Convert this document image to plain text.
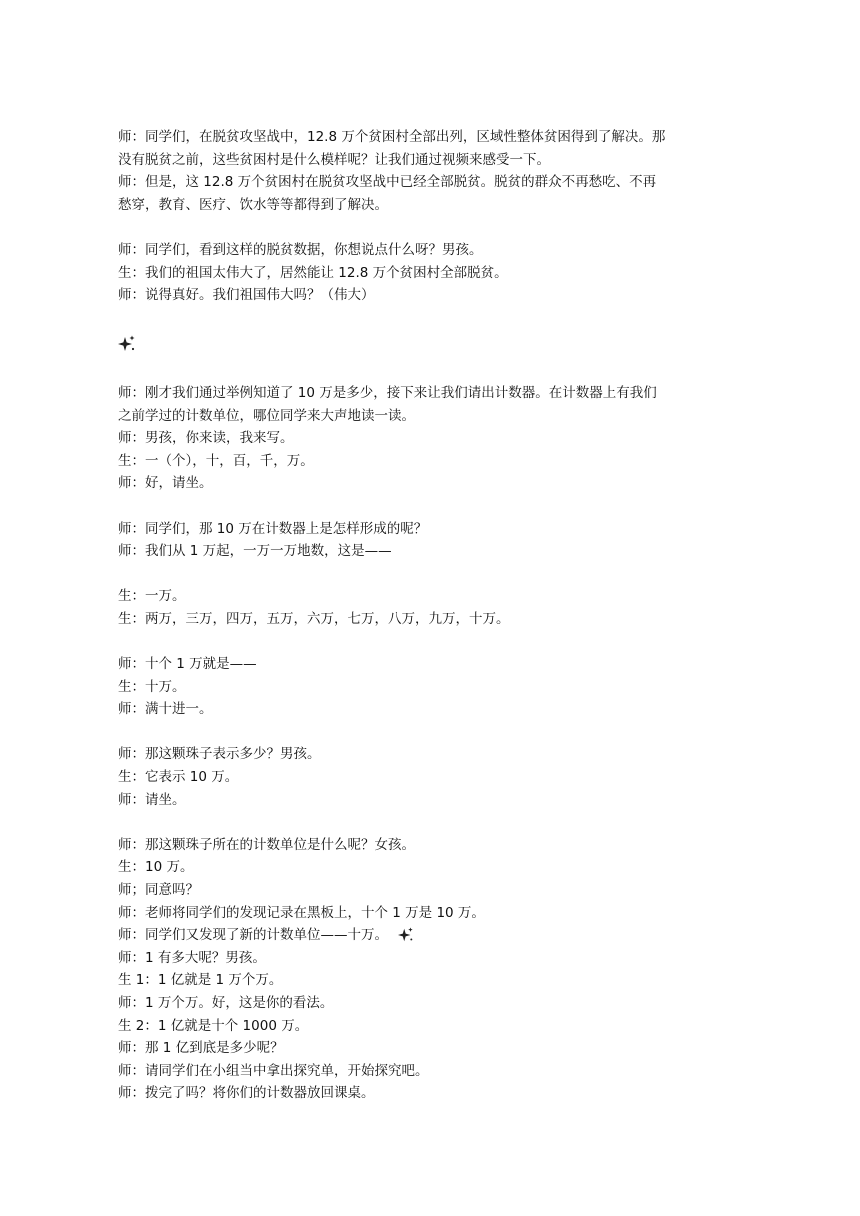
师：同学们，在脱贫攻坚战中，12.8 万个贫困村全部出列，区域性整体贫困得到了解决。那
没有脱贫之前，这些贫困村是什么模样呢？让我们通过视频来感受一下。
师：但是，这 12.8 万个贫困村在脱贫攻坚战中已经全部脱贫。脱贫的群众不再愁吃、不再
愁穿，教育、医疗、饮水等等都得到了解决。
师：同学们，看到这样的脱贫数据，你想说点什么呀？男孩。
生：我们的祖国太伟大了，居然能让 12.8 万个贫困村全部脱贫。
师：说得真好。我们祖国伟大吗？（伟大）
师：刚才我们通过举例知道了 10 万是多少，接下来让我们请出计数器。在计数器上有我们
之前学过的计数单位，哪位同学来大声地读一读。
师：男孩，你来读，我来写。
生：一（个），十，百，千，万。
师：好，请坐。
师：同学们，那 10 万在计数器上是怎样形成的呢？
师：我们从 1 万起，一万一万地数，这是——
生：一万。
生：两万，三万，四万，五万，六万，七万，八万，九万，十万。
师：十个 1 万就是——
生：十万。
师：满十进一。
师：那这颗珠子表示多少？男孩。
生：它表示 10 万。
师：请坐。
师：那这颗珠子所在的计数单位是什么呢？女孩。
生：10 万。
师；同意吗？
师：老师将同学们的发现记录在黑板上，十个 1 万是 10 万。
师：同学们又发现了新的计数单位——十万。
师：1 有多大呢？男孩。
生 1：1 亿就是 1 万个万。
师：1 万个万。好，这是你的看法。
生 2：1 亿就是十个 1000 万。
师：那 1 亿到底是多少呢？
师：请同学们在小组当中拿出探究单，开始探究吧。
师：拨完了吗？将你们的计数器放回课桌。
